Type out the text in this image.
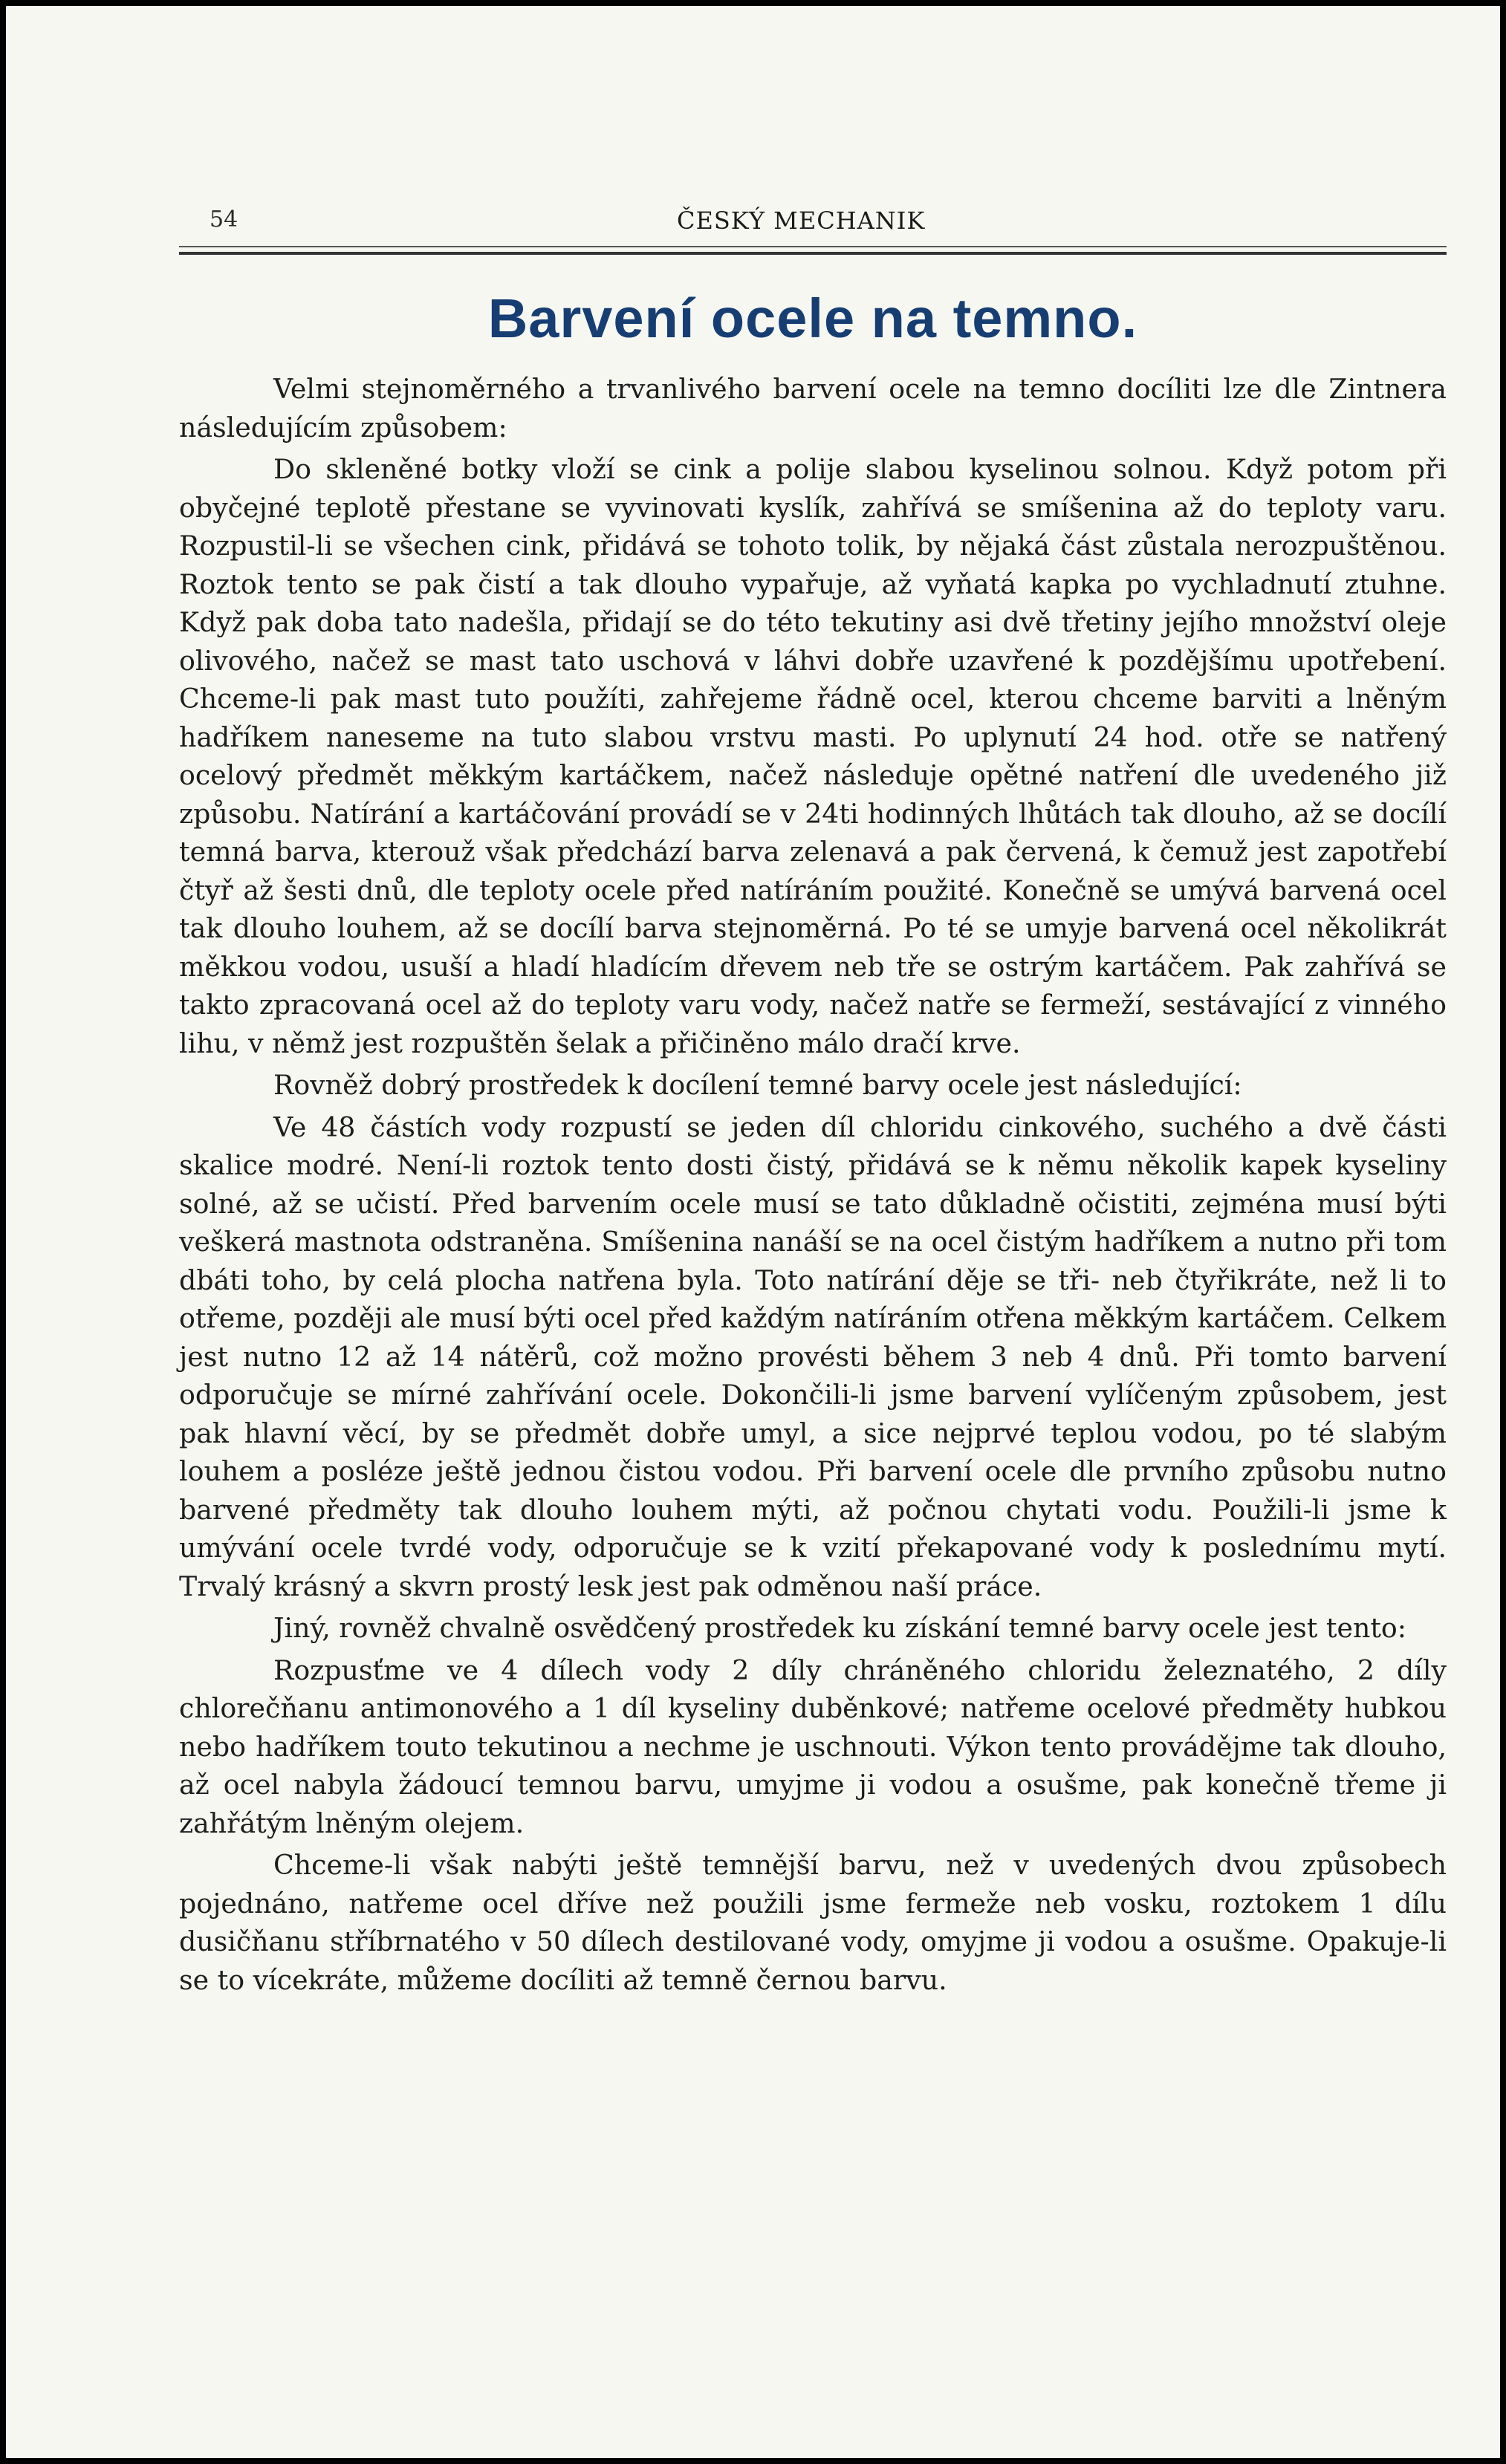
54	ČESKÝ MECHANIK
Barvení ocele na temno.

Velmi stejnoměrného a trvanlivého barvení ocele na temno docíliti lze dle Zintnera následujícím způsobem:

Do skleněné botky vloží se cink a polije slabou kyselinou solnou. Když potom při obyčejné teplotě přestane se vyvinovati kyslík, zahřívá se smíšenina až do teploty varu. Rozpustil-li se všechen cink, přidává se tohoto tolik, by nějaká část zůstala nerozpuštěnou. Roztok tento se pak čistí a tak dlouho vypařuje, až vyňatá kapka po vychladnutí ztuhne. Když pak doba tato nadešla, přidají se do této tekutiny asi dvě třetiny jejího množství oleje olivového, načež se mast tato uschová v láhvi dobře uzavřené k pozdějšímu upotřebení. Chceme-li pak mast tuto použíti, zahřejeme řádně ocel, kterou chceme barviti a lněným hadříkem naneseme na tuto slabou vrstvu masti. Po uplynutí 24 hod. otře se natřený ocelový předmět měkkým kartáčkem, načež následuje opětné natření dle uvedeného již způsobu. Natírání a kartáčování provádí se v 24ti hodinných lhůtách tak dlouho, až se docílí temná barva, kterouž však předchází barva zelenavá a pak červená, k čemuž jest zapotřebí čtyř až šesti dnů, dle teploty ocele před natíráním použité. Konečně se umývá barvená ocel tak dlouho louhem, až se docílí barva stejnoměrná. Po té se umyje barvená ocel několikrát měkkou vodou, usuší a hladí hladícím dřevem neb tře se ostrým kartáčem. Pak zahřívá se takto zpracovaná ocel až do teploty varu vody, načež natře se fermeží, sestávající z vinného lihu, v němž jest rozpuštěn šelak a přičiněno málo dračí krve.

Rovněž dobrý prostředek k docílení temné barvy ocele jest následující:

Ve 48 částích vody rozpustí se jeden díl chloridu cinkového, suchého a dvě části skalice modré. Není-li roztok tento dosti čistý, přidává se k němu několik kapek kyseliny solné, až se učistí. Před barvením ocele musí se tato důkladně očistiti, zejména musí býti veškerá mastnota odstraněna. Smíšenina nanáší se na ocel čistým hadříkem a nutno při tom dbáti toho, by celá plocha natřena byla. Toto natírání děje se tři- neb čtyřikráte, než li to otřeme, později ale musí býti ocel před každým natíráním otřena měkkým kartáčem. Celkem jest nutno 12 až 14 nátěrů, což možno provésti během 3 neb 4 dnů. Při tomto barvení odporučuje se mírné zahřívání ocele. Dokončili-li jsme barvení vylíčeným způsobem, jest pak hlavní věcí, by se předmět dobře umyl, a sice nejprvé teplou vodou, po té slabým louhem a posléze ještě jednou čistou vodou. Při barvení ocele dle prvního způsobu nutno barvené předměty tak dlouho louhem mýti, až počnou chytati vodu. Použili-li jsme k umývání ocele tvrdé vody, odporučuje se k vzití překapované vody k poslednímu mytí. Trvalý krásný a skvrn prostý lesk jest pak odměnou naší práce.

Jiný, rovněž chvalně osvědčený prostředek ku získání temné barvy ocele jest tento:

Rozpusťme ve 4 dílech vody 2 díly chráněného chloridu železnatého, 2 díly chlorečňanu antimonového a 1 díl kyseliny duběnkové; natřeme ocelové předměty hubkou nebo hadříkem touto tekutinou a nechme je uschnouti. Výkon tento provádějme tak dlouho, až ocel nabyla žádoucí temnou barvu, umyjme ji vodou a osušme, pak konečně třeme ji zahřátým lněným olejem.

Chceme-li však nabýti ještě temnější barvu, než v uvedených dvou způsobech pojednáno, natřeme ocel dříve než použili jsme fermeže neb vosku, roztokem 1 dílu dusičňanu stříbrnatého v 50 dílech destilované vody, omyjme ji vodou a osušme. Opakuje-li se to vícekráte, můžeme docíliti až temně černou barvu.
